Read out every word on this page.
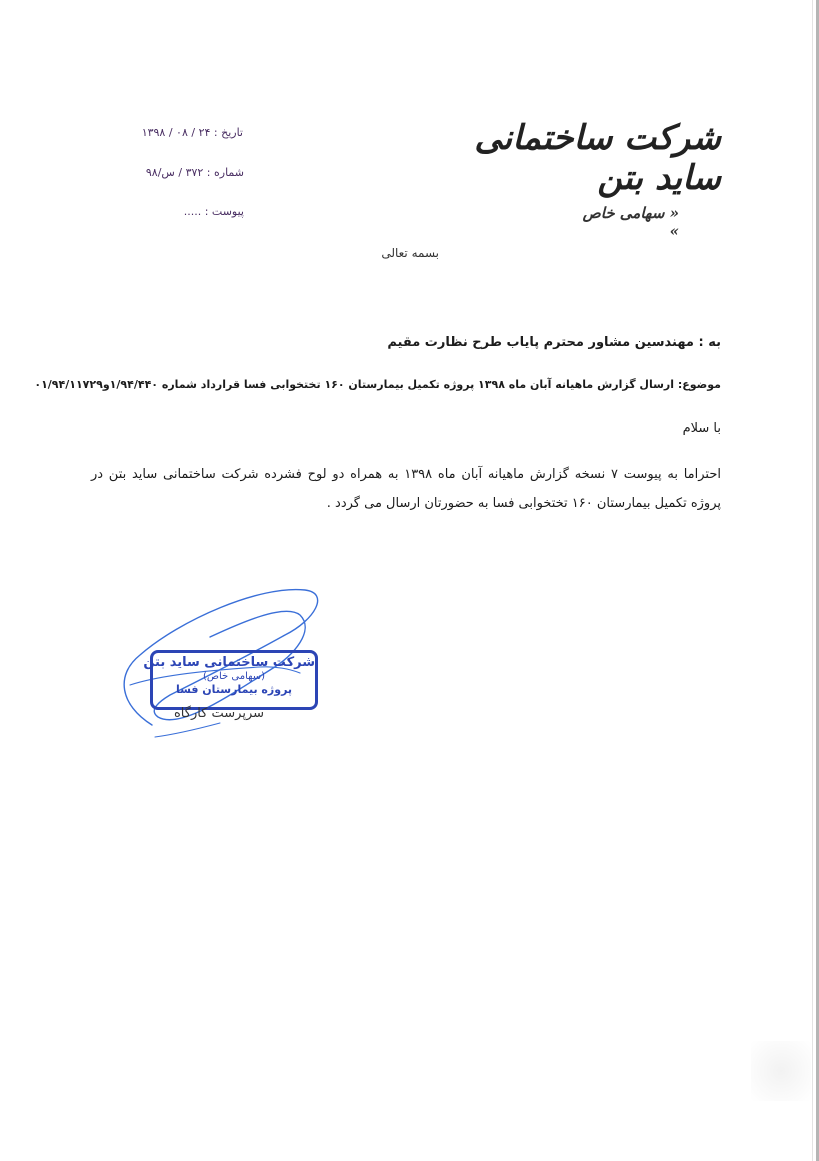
شرکت ساختمانی ساید بتن
« سهامی خاص »
تاریخ : ۲۴ / ۰۸ / ۱۳۹۸
شماره : ۳۷۲ / س/۹۸
پیوست : .....
بسمه تعالی
به : مهندسین مشاور محترم پایاب طرح نظارت مقیم
موضوع: ارسال گزارش ماهیانه آبان ماه ۱۳۹۸ پروژه تکمیل بیمارستان ۱۶۰ تختخوابی فسا قرارداد شماره ۱/۹۴/۴۴۰و۰۱/۹۴/۱۱۷۲۹
با سلام
احتراما به پیوست ۷ نسخه گزارش ماهیانه آبان ماه ۱۳۹۸ به همراه دو لوح فشرده شرکت ساختمانی ساید بتن در پروژه تکمیل بیمارستان ۱۶۰ تختخوابی فسا به حضورتان ارسال می گردد .
شرکت ساختمانی ساید بتن
(سهامی خاص)
پروژه بیمارستان فسا
سرپرست کارگاه
